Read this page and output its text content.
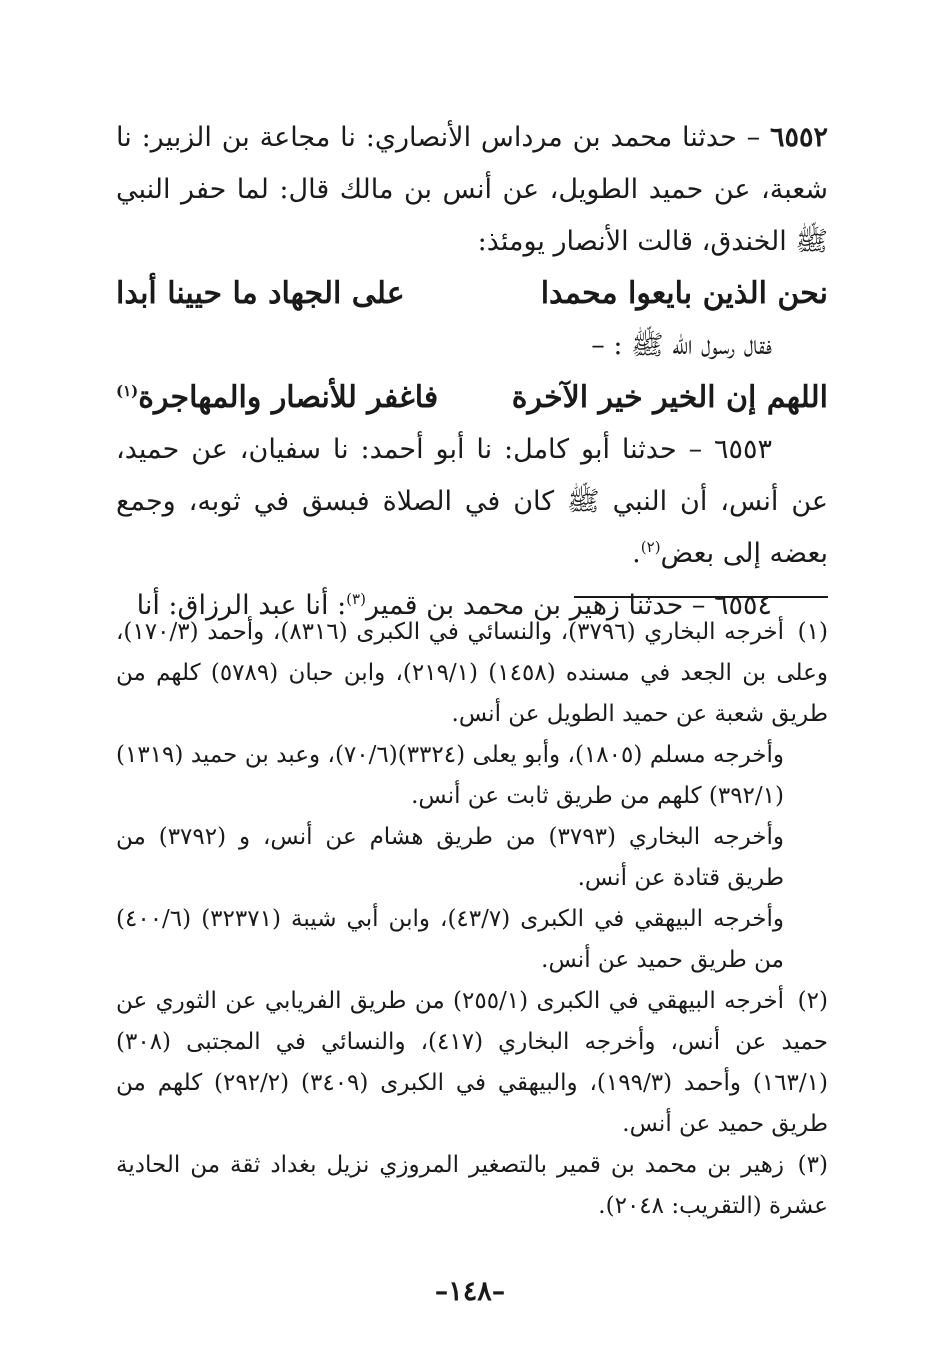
٦٥٥٢ – حدثنا محمد بن مرداس الأنصاري: نا مجاعة بن الزبير: نا شعبة، عن حميد الطويل، عن أنس بن مالك قال: لما حفر النبي ﷺ الخندق، قالت الأنصار يومئذ:

نحن الذين بايعوا محمدا
على الجهاد ما حيينا أبدا

فقال رسول الله ﷺ : –

اللهم إن الخير خير الآخرة
فاغفر للأنصار والمهاجرة$^{(١)}$

٦٥٥٣ – حدثنا أبو كامل: نا أبو أحمد: نا سفيان، عن حميد، عن أنس، أن النبي ﷺ كان في الصلاة فبسق في ثوبه، وجمع بعضه إلى بعض$^{(٢)}$.

٦٥٥٤ – حدثنا زهير بن محمد بن قمير$^{(٣)}$: أنا عبد الرزاق: أنا

(١)أخرجه البخاري (٣٧٩٦)، والنسائي في الكبرى (٨٣١٦)، وأحمد (١٧٠/٣)، وعلى بن الجعد في مسنده (١٤٥٨) (٢١٩/١)، وابن حبان (٥٧٨٩) كلهم من طريق شعبة عن حميد الطويل عن أنس.

وأخرجه مسلم (١٨٠٥)، وأبو يعلى (٣٣٢٤)(٧٠/٦)، وعبد بن حميد (١٣١٩) (٣٩٢/١) كلهم من طريق ثابت عن أنس.

وأخرجه البخاري (٣٧٩٣) من طريق هشام عن أنس، و (٣٧٩٢) من طريق قتادة عن أنس.

وأخرجه البيهقي في الكبرى (٤٣/٧)، وابن أبي شيبة (٣٢٣٧١) (٤٠٠/٦) من طريق حميد عن أنس.

(٢)أخرجه البيهقي في الكبرى (٢٥٥/١) من طريق الفريابي عن الثوري عن حميد عن أنس، وأخرجه البخاري (٤١٧)، والنسائي في المجتبى (٣٠٨) (١٦٣/١) وأحمد (١٩٩/٣)، والبيهقي في الكبرى (٣٤٠٩) (٢٩٢/٢) كلهم من طريق حميد عن أنس.

(٣)زهير بن محمد بن قمير بالتصغير المروزي نزيل بغداد ثقة من الحادية عشرة (التقريب: ٢٠٤٨).

–١٤٨–
